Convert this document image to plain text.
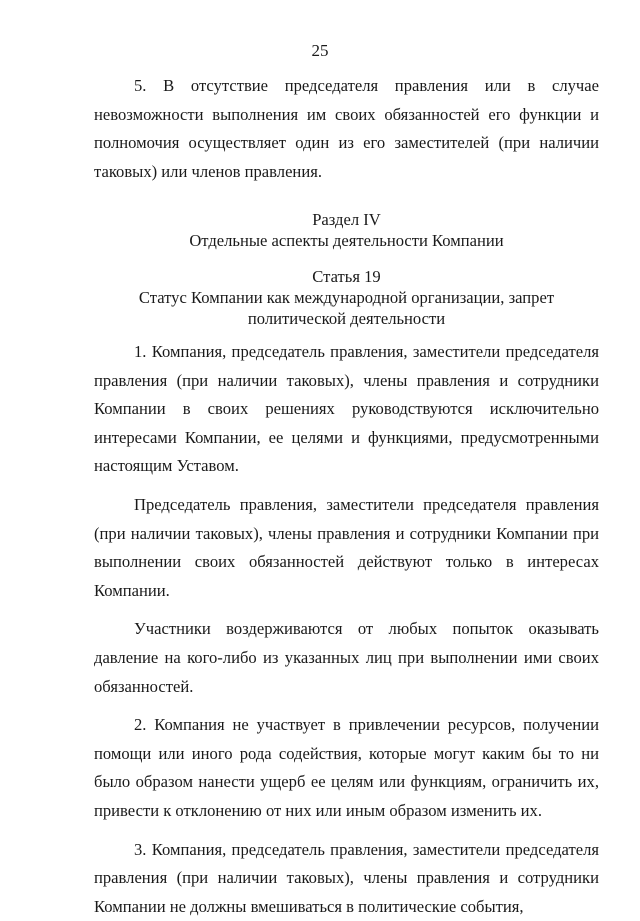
25

5. В отсутствие председателя правления или в случае невозможности выполнения им своих обязанностей его функции и полномочия осуществляет один из его заместителей (при наличии таковых) или членов правления.

Раздел IV
Отдельные аспекты деятельности Компании
Статья 19
Статус Компании как международной организации, запрет
политической деятельности

1. Компания, председатель правления, заместители председателя правления (при наличии таковых), члены правления и сотрудники Компании в своих решениях руководствуются исключительно интересами Компании, ее целями и функциями, предусмотренными настоящим Уставом.

Председатель правления, заместители председателя правления (при наличии таковых), члены правления и сотрудники Компании при выполнении своих обязанностей действуют только в интересах Компании.

Участники воздерживаются от любых попыток оказывать давление на кого-либо из указанных лиц при выполнении ими своих обязанностей.

2. Компания не участвует в привлечении ресурсов, получении помощи или иного рода содействия, которые могут каким бы то ни было образом нанести ущерб ее целям или функциям, ограничить их, привести к отклонению от них или иным образом изменить их.

3. Компания, председатель правления, заместители председателя правления (при наличии таковых), члены правления и сотрудники Компании не должны вмешиваться в политические события,
